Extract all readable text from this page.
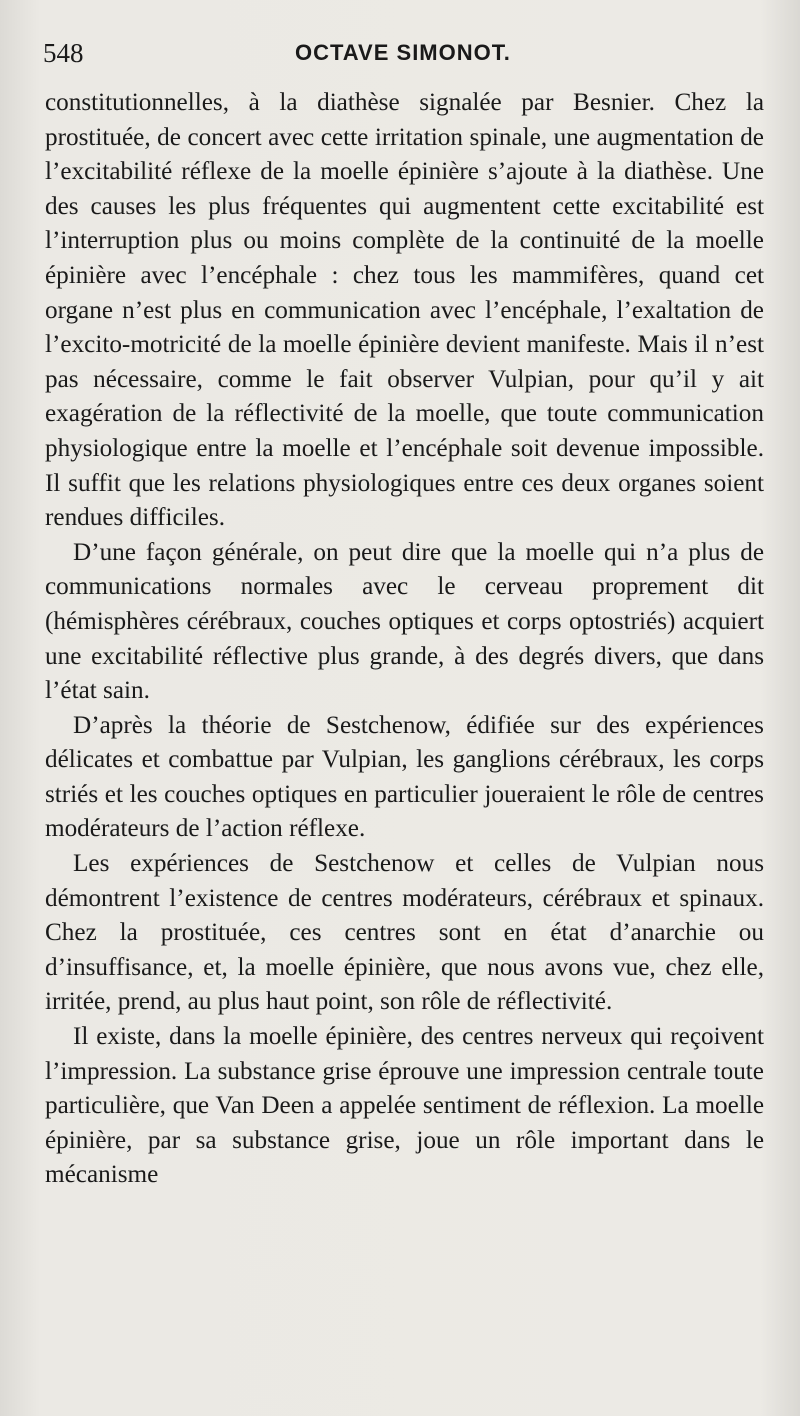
548	OCTAVE SIMONOT.

constitutionnelles, à la diathèse signalée par Besnier. Chez la prostituée, de concert avec cette irritation spinale, une augmentation de l’excitabilité réflexe de la moelle épinière s’ajoute à la diathèse. Une des causes les plus fréquentes qui augmentent cette excitabilité est l’interruption plus ou moins complète de la continuité de la moelle épinière avec l’encéphale : chez tous les mammifères, quand cet organe n’est plus en communication avec l’encéphale, l’exaltation de l’excito-motricité de la moelle épinière devient manifeste. Mais il n’est pas nécessaire, comme le fait observer Vulpian, pour qu’il y ait exagération de la réflectivité de la moelle, que toute communication physiologique entre la moelle et l’encéphale soit devenue impossible. Il suffit que les relations physiologiques entre ces deux organes soient rendues difficiles.

D’une façon générale, on peut dire que la moelle qui n’a plus de communications normales avec le cerveau proprement dit (hémisphères cérébraux, couches optiques et corps optostriés) acquiert une excitabilité réflective plus grande, à des degrés divers, que dans l’état sain.

D’après la théorie de Sestchenow, édifiée sur des expériences délicates et combattue par Vulpian, les ganglions cérébraux, les corps striés et les couches optiques en particulier joueraient le rôle de centres modérateurs de l’action réflexe.

Les expériences de Sestchenow et celles de Vulpian nous démontrent l’existence de centres modérateurs, cérébraux et spinaux. Chez la prostituée, ces centres sont en état d’anarchie ou d’insuffisance, et, la moelle épinière, que nous avons vue, chez elle, irritée, prend, au plus haut point, son rôle de réflectivité.

Il existe, dans la moelle épinière, des centres nerveux qui reçoivent l’impression. La substance grise éprouve une impression centrale toute particulière, que Van Deen a appelée sentiment de réflexion. La moelle épinière, par sa substance grise, joue un rôle important dans le mécanisme
